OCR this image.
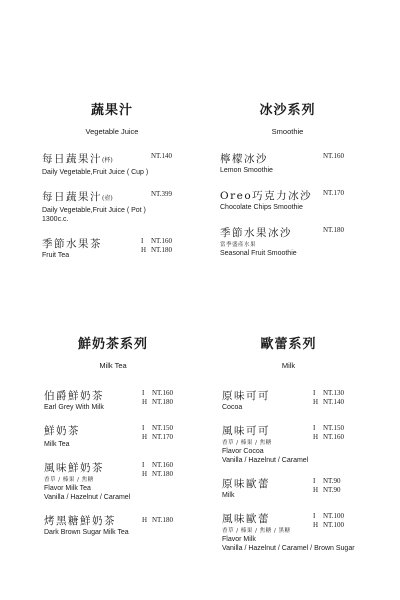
蔬果汁
Vegetable Juice
每日蔬果汁(杯)
Daily Vegetable,Fruit Juice ( Cup )
NT.140
每日蔬果汁(壺)
Daily Vegetable,Fruit Juice ( Pot )
1300c.c.
NT.399
季節水果茶
Fruit Tea
I	NT.160
H NT.180
冰沙系列
Smoothie
檸檬冰沙
Lemon Smoothie
NT.160
Oreo巧克力冰沙
Chocolate Chips Smoothie
NT.170
季節水果冰沙
當季盛產水果
Seasonal Fruit Smoothie
NT.180
鮮奶茶系列
Milk Tea
伯爵鮮奶茶
Earl Grey With Milk
I	NT.160
H NT.180
鮮奶茶
Milk Tea
I	NT.150
H NT.170
風味鮮奶茶
香草 / 榛果 / 焦糖
Flavor Milk Tea
Vanilla / Hazelnut / Caramel
I	NT.160
H NT.180
烤黑糖鮮奶茶
Dark Brown Sugar Milk Tea
H NT.180
歐蕾系列
Milk
原味可可
Cocoa
I	NT.130
H NT.140
風味可可
香草 / 榛果 / 焦糖
Flavor Cocoa
Vanilla / Hazelnut / Caramel
I	NT.150
H NT.160
原味歐蕾
Milk
I	NT.90
H NT.90
風味歐蕾
香草 / 榛果 / 焦糖 / 黑糖
Flavor Milk
Vanilla / Hazelnut / Caramel / Brown Sugar
I	NT.100
H NT.100
